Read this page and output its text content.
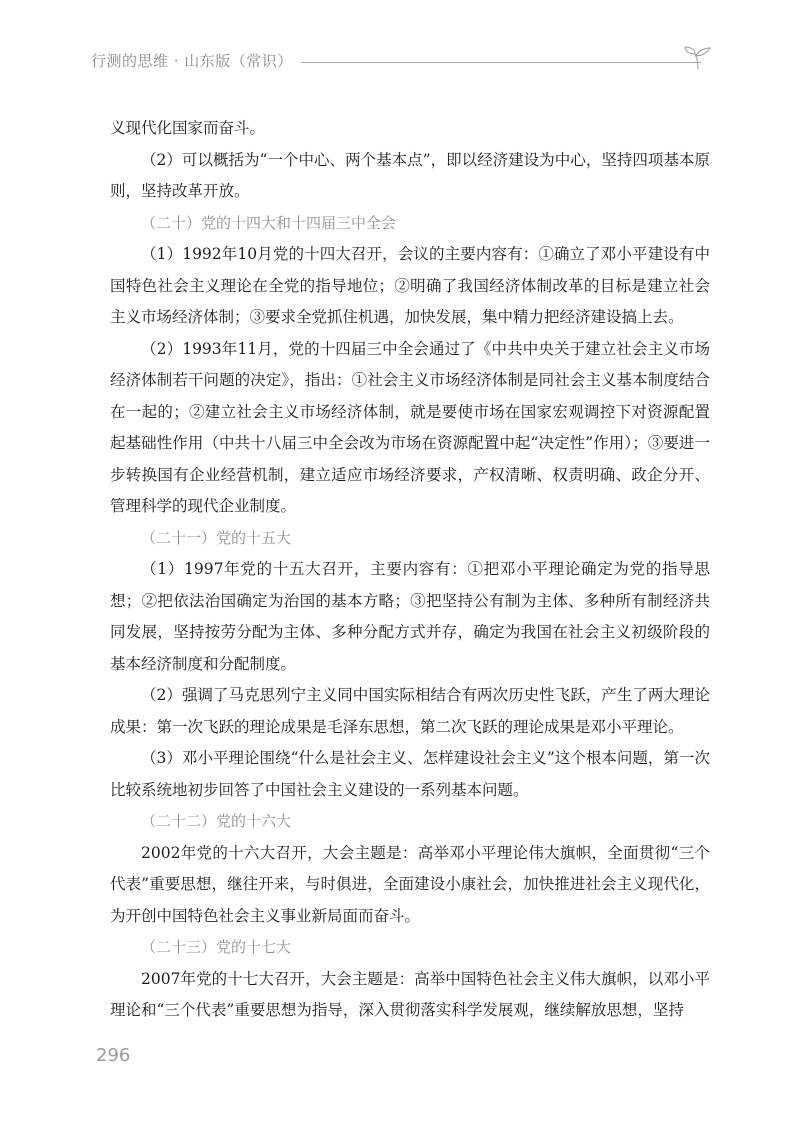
行测的思维 · 山东版（常识）

义现代化国家而奋斗。

（2）可以概括为“一个中心、两个基本点”，即以经济建设为中心，坚持四项基本原则，坚持改革开放。

（二十）党的十四大和十四届三中全会

（1）1992年10月党的十四大召开，会议的主要内容有：①确立了邓小平建设有中国特色社会主义理论在全党的指导地位；②明确了我国经济体制改革的目标是建立社会主义市场经济体制；③要求全党抓住机遇，加快发展，集中精力把经济建设搞上去。

（2）1993年11月，党的十四届三中全会通过了《中共中央关于建立社会主义市场经济体制若干问题的决定》，指出：①社会主义市场经济体制是同社会主义基本制度结合在一起的；②建立社会主义市场经济体制，就是要使市场在国家宏观调控下对资源配置起基础性作用（中共十八届三中全会改为市场在资源配置中起“决定性”作用）；③要进一步转换国有企业经营机制，建立适应市场经济要求，产权清晰、权责明确、政企分开、管理科学的现代企业制度。

（二十一）党的十五大

（1）1997年党的十五大召开，主要内容有：①把邓小平理论确定为党的指导思想；②把依法治国确定为治国的基本方略；③把坚持公有制为主体、多种所有制经济共同发展，坚持按劳分配为主体、多种分配方式并存，确定为我国在社会主义初级阶段的基本经济制度和分配制度。

（2）强调了马克思列宁主义同中国实际相结合有两次历史性飞跃，产生了两大理论成果：第一次飞跃的理论成果是毛泽东思想，第二次飞跃的理论成果是邓小平理论。

（3）邓小平理论围绕“什么是社会主义、怎样建设社会主义”这个根本问题，第一次比较系统地初步回答了中国社会主义建设的一系列基本问题。

（二十二）党的十六大

2002年党的十六大召开，大会主题是：高举邓小平理论伟大旗帜，全面贯彻“三个代表”重要思想，继往开来，与时俱进，全面建设小康社会，加快推进社会主义现代化，为开创中国特色社会主义事业新局面而奋斗。

（二十三）党的十七大

2007年党的十七大召开，大会主题是：高举中国特色社会主义伟大旗帜，以邓小平理论和“三个代表”重要思想为指导，深入贯彻落实科学发展观，继续解放思想，坚持

296
